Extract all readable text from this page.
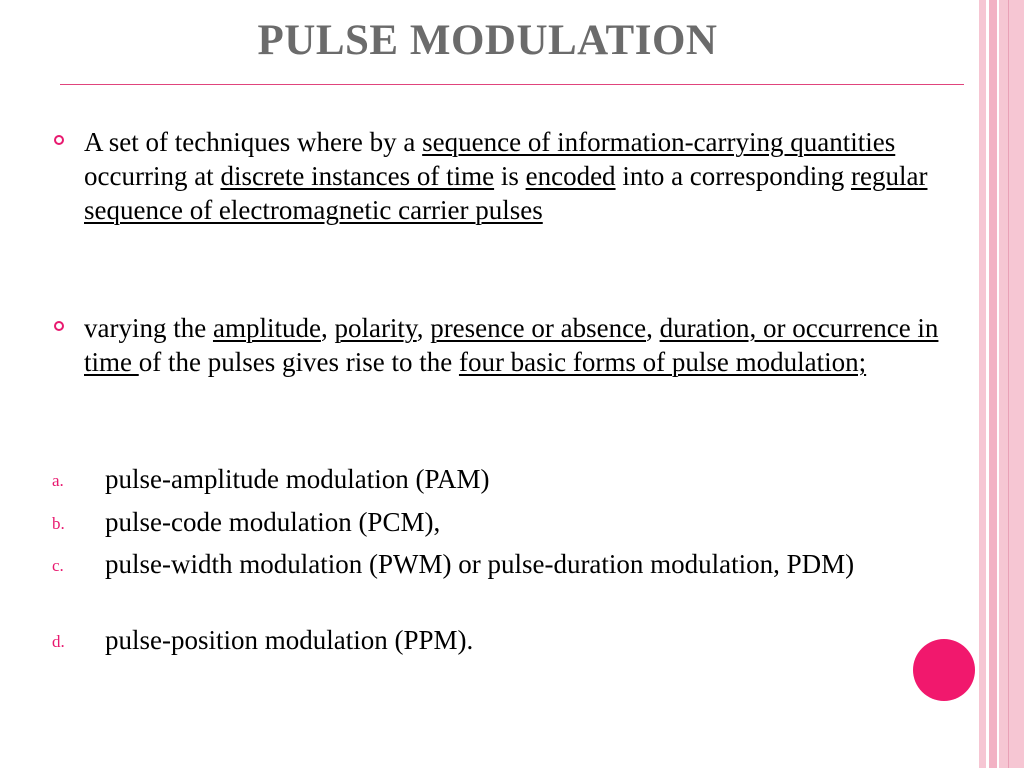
PULSE MODULATION
A set of techniques where by a sequence of information-carrying quantities occurring at discrete instances of time is encoded into a corresponding regular sequence of electromagnetic carrier pulses
varying the amplitude, polarity, presence or absence, duration, or occurrence in time of the pulses gives rise to the four basic forms of pulse modulation;
a. pulse-amplitude modulation (PAM)
b. pulse-code modulation (PCM),
c. pulse-width modulation (PWM) or pulse-duration modulation, PDM)
d. pulse-position modulation (PPM).
